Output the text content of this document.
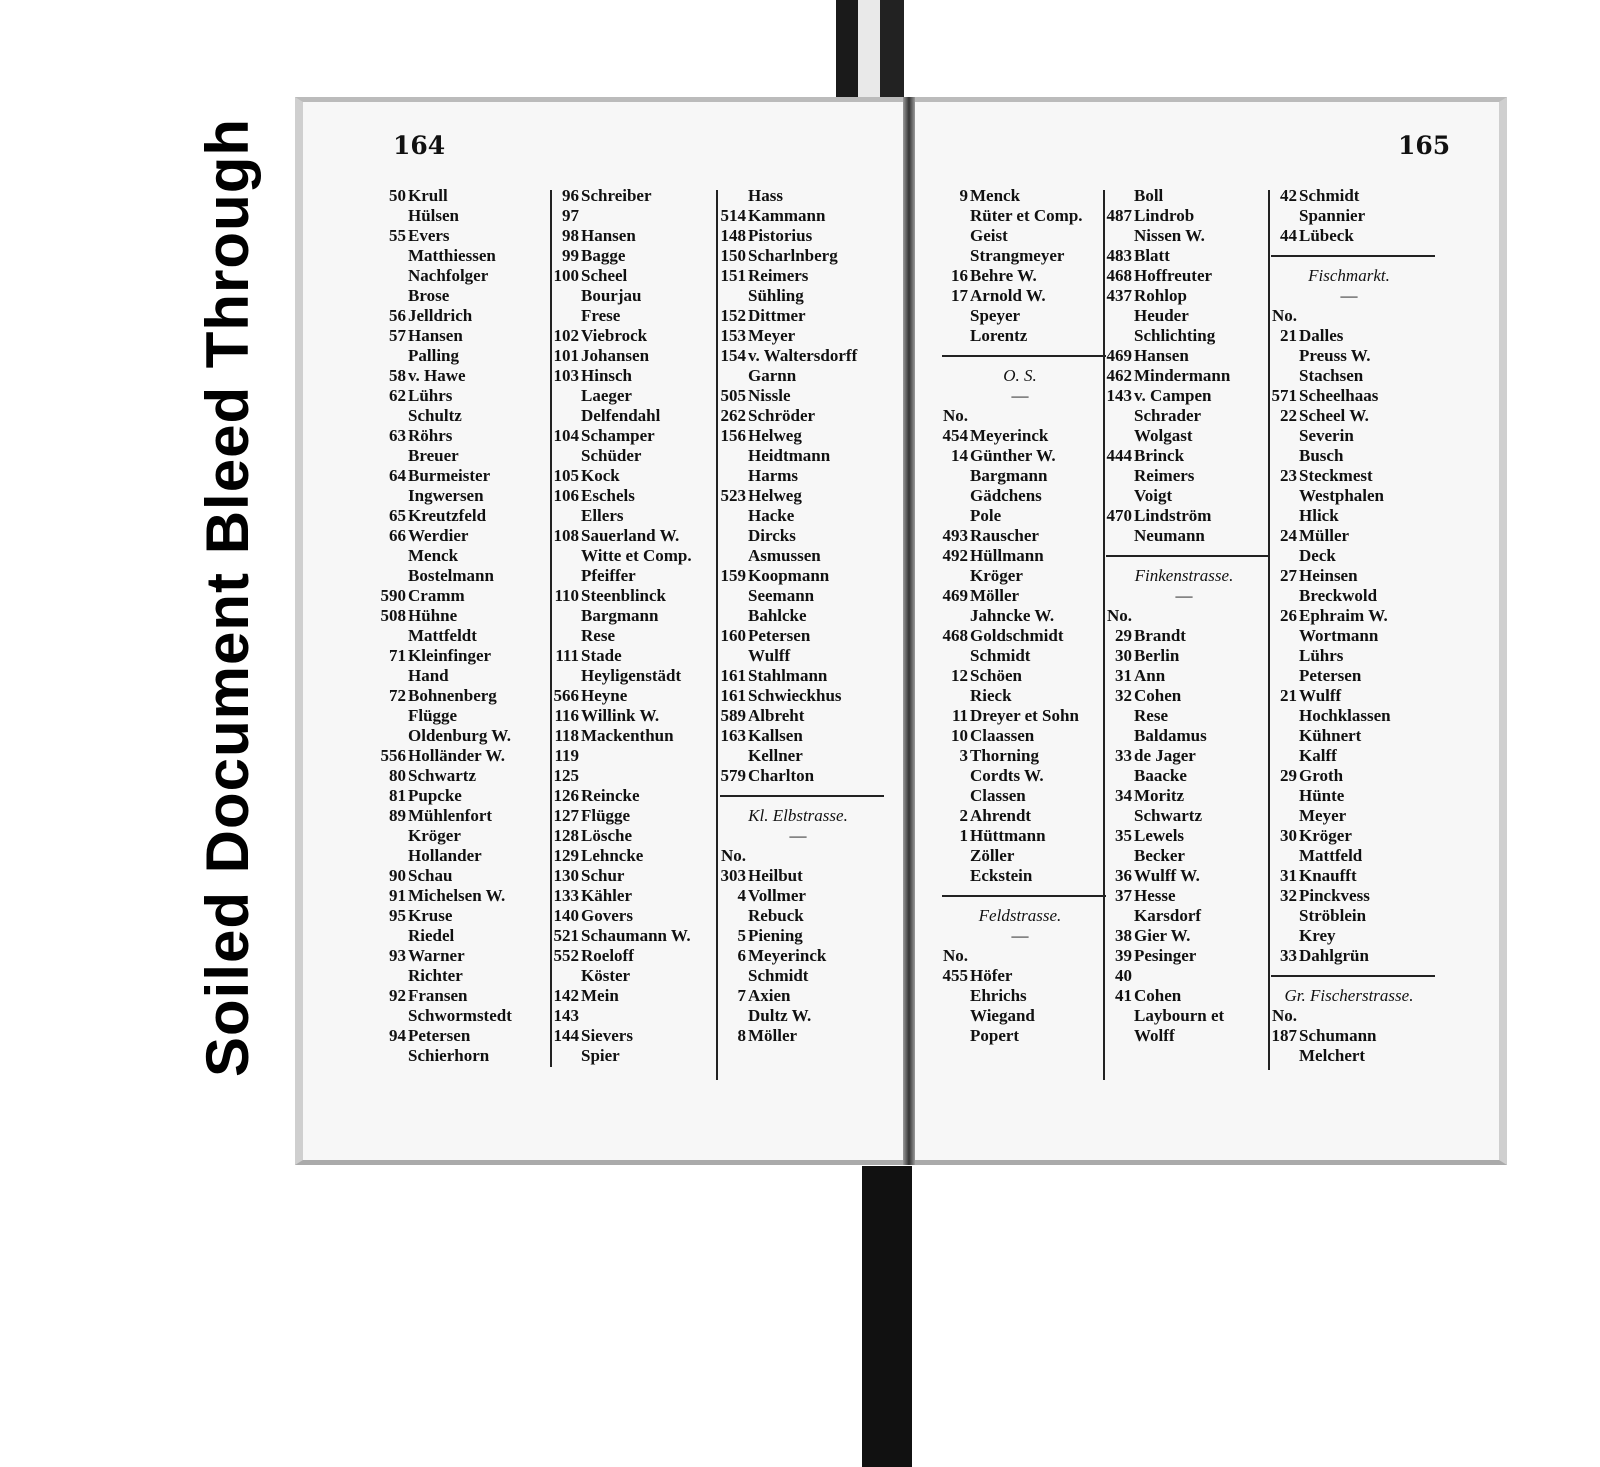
164	165
50 Krull
Hülsen
55 Evers
Matthiessen
Nachfolger
Brose
56 Jelldrich
57 Hansen
Palling
58 v. Hawe
62 Lührs
Schultz
63 Röhrs
Breuer
64 Burmeister
Ingwersen
65 Kreutzfeld
66 Werdier
Menck
Bostelmann
590 Cramm
508 Hühne
Mattfeldt
71 Kleinfinger
Hand
72 Bohnenberg
Flügge
Oldenburg W.
556 Holländer W.
80 Schwartz
81 Pupcke
89 Mühlenfort
Kröger
Hollander
90 Schau
91 Michelsen W.
95 Kruse
Riedel
93 Warner
Richter
92 Fransen
Schwormstedt
94 Petersen
Schierhorn
96 Schreiber
97
98 Hansen
99 Bagge
100 Scheel
Bourjau
Frese
102 Viebrock
101 Johansen
103 Hinsch
Laeger
Delfendahl
104 Schamper
Schüder
105 Kock
106 Eschels
Ellers
108 Sauerland W.
Witte et Comp.
Pfeiffer
110 Steenblinck
Bargmann
Rese
111 Stade
Heyligenstädt
566 Heyne
116 Willink W.
118 Mackenthun
119
125
126 Reincke
127 Flügge
128 Lösche
129 Lehncke
130 Schur
133 Kähler
140 Govers
521 Schaumann W.
552 Roeloff
Köster
142 Mein
143
144 Sievers
Spier
Hass
514 Kammann
148 Pistorius
150 Scharlnberg
151 Reimers
Sühling
152 Dittmer
153 Meyer
154 v. Waltersdorff
Garnn
505 Nissle
262 Schröder
156 Helweg
Heidtmann
Harms
523 Helweg
Hacke
Dircks
Asmussen
159 Koopmann
Seemann
Bahlcke
160 Petersen
Wulff
161 Stahlmann
161 Schwieckhus
589 Albreht
163 Kallsen
Kellner
579 Charlton
Kl. Elbstrasse.
—
No.
303 Heilbut
4 Vollmer
Rebuck
5 Piening
6 Meyerinck
Schmidt
7 Axien
Dultz W.
8 Möller
9 Menck
Rüter et Comp.
Geist
Strangmeyer
16 Behre W.
17 Arnold W.
Speyer
Lorentz
O. S.
—
No.
454 Meyerinck
14 Günther W.
Bargmann
Gädchens
Pole
493 Rauscher
492 Hüllmann
Kröger
469 Möller
Jahncke W.
468 Goldschmidt
Schmidt
12 Schöen
Rieck
11 Dreyer et Sohn
10 Claassen
3 Thorning
Cordts W.
Classen
2 Ahrendt
1 Hüttmann
Zöller
Eckstein
Feldstrasse.
—
No.
455 Höfer
Ehrichs
Wiegand
Popert
Boll
487 Lindrob
Nissen W.
483 Blatt
468 Hoffreuter
437 Rohlop
Heuder
Schlichting
469 Hansen
462 Mindermann
143 v. Campen
Schrader
Wolgast
444 Brinck
Reimers
Voigt
470 Lindström
Neumann
Finkenstrasse.
—
No.
29 Brandt
30 Berlin
31 Ann
32 Cohen
Rese
Baldamus
33 de Jager
Baacke
34 Moritz
Schwartz
35 Lewels
Becker
36 Wulff W.
37 Hesse
Karsdorf
38 Gier W.
39 Pesinger
40
41 Cohen
Laybourn et
Wolff
42 Schmidt
Spannier
44 Lübeck
Fischmarkt.
—
No.
21 Dalles
Preuss W.
Stachsen
571 Scheelhaas
22 Scheel W.
Severin
Busch
23 Steckmest
Westphalen
Hlick
24 Müller
Deck
27 Heinsen
Breckwold
26 Ephraim W.
Wortmann
Lührs
Petersen
21 Wulff
Hochklassen
Kühnert
Kalff
29 Groth
Hünte
Meyer
30 Kröger
Mattfeld
31 Knaufft
32 Pinckvess
Ströblein
Krey
33 Dahlgrün
Gr. Fischerstrasse.
No.
187 Schumann
Melchert
Soiled Document Bleed Through
